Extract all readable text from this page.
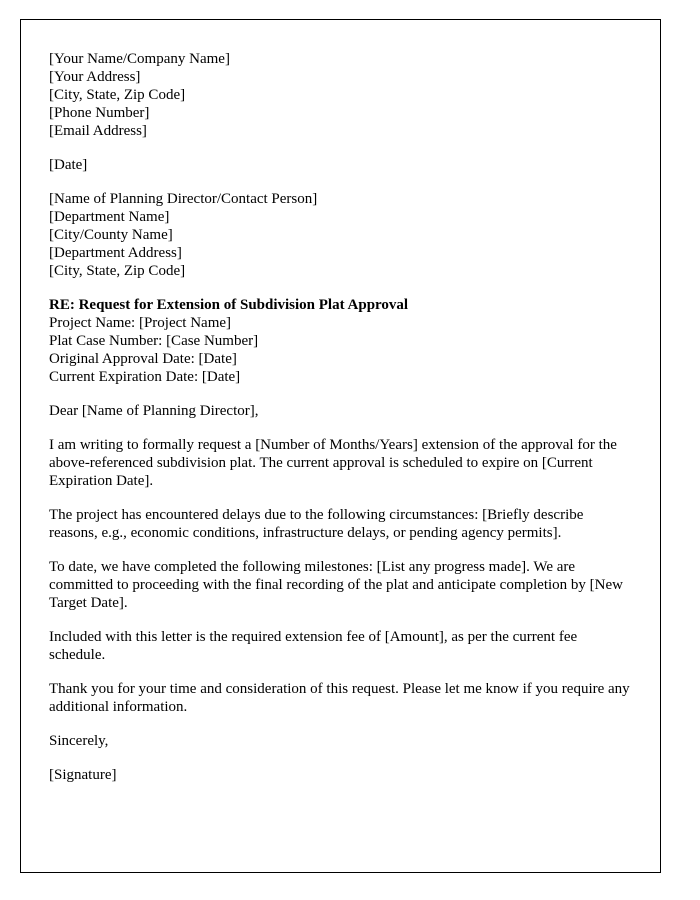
[Your Name/Company Name]
[Your Address]
[City, State, Zip Code]
[Phone Number]
[Email Address]
[Date]
[Name of Planning Director/Contact Person]
[Department Name]
[City/County Name]
[Department Address]
[City, State, Zip Code]
RE: Request for Extension of Subdivision Plat Approval
Project Name: [Project Name]
Plat Case Number: [Case Number]
Original Approval Date: [Date]
Current Expiration Date: [Date]
Dear [Name of Planning Director],

I am writing to formally request a [Number of Months/Years] extension of the approval for the above-referenced subdivision plat. The current approval is scheduled to expire on [Current Expiration Date].

The project has encountered delays due to the following circumstances: [Briefly describe reasons, e.g., economic conditions, infrastructure delays, or pending agency permits].

To date, we have completed the following milestones: [List any progress made]. We are committed to proceeding with the final recording of the plat and anticipate completion by [New Target Date].

Included with this letter is the required extension fee of [Amount], as per the current fee schedule.

Thank you for your time and consideration of this request. Please let me know if you require any additional information.

Sincerely,
[Signature]
